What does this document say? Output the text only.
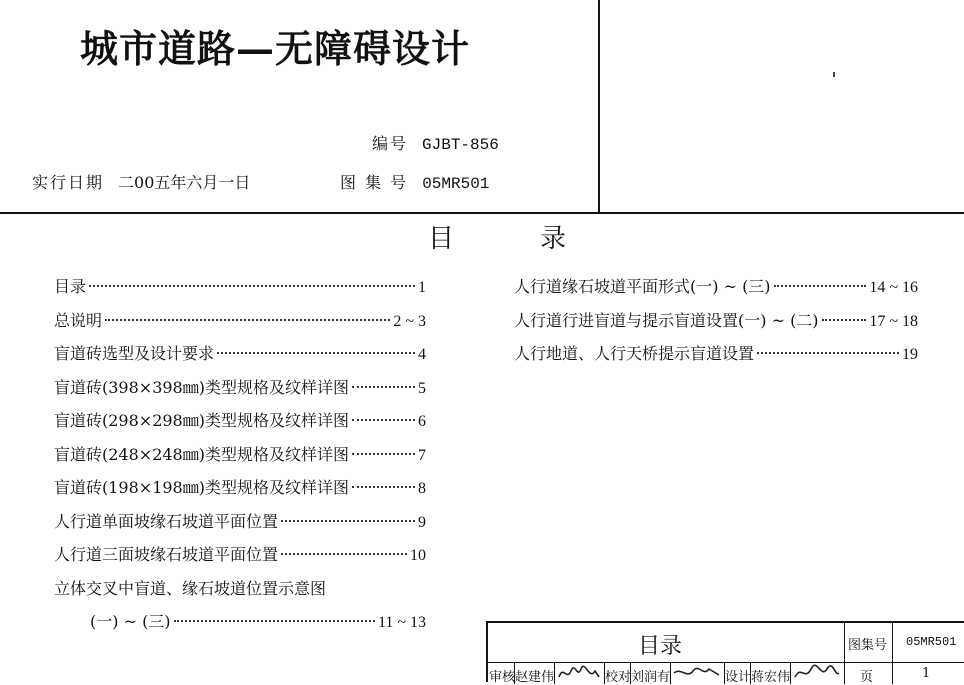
城市道路—无障碍设计
编号 GJBT-856
实行日期 二00五年六月一日	图 集 号 05MR501
目	录
目录	1
总说明	2 ~ 3
盲道砖选型及设计要求	4
盲道砖(398×398㎜)类型规格及纹样详图	5
盲道砖(298×298㎜)类型规格及纹样详图	6
盲道砖(248×248㎜)类型规格及纹样详图	7
盲道砖(198×198㎜)类型规格及纹样详图	8
人行道单面坡缘石坡道平面位置	9
人行道三面坡缘石坡道平面位置	10
立体交叉中盲道、缘石坡道位置示意图
(一) ~ (三)	11 ~ 13
人行道缘石坡道平面形式(一) ~ (三)	14 ~ 16
人行道行进盲道与提示盲道设置(一) ~ (二)	17 ~ 18
人行地道、人行天桥提示盲道设置	19
目录	图集号 05MR501
审核 赵建伟	校对 刘润有	设计 蒋宏伟	页	1
